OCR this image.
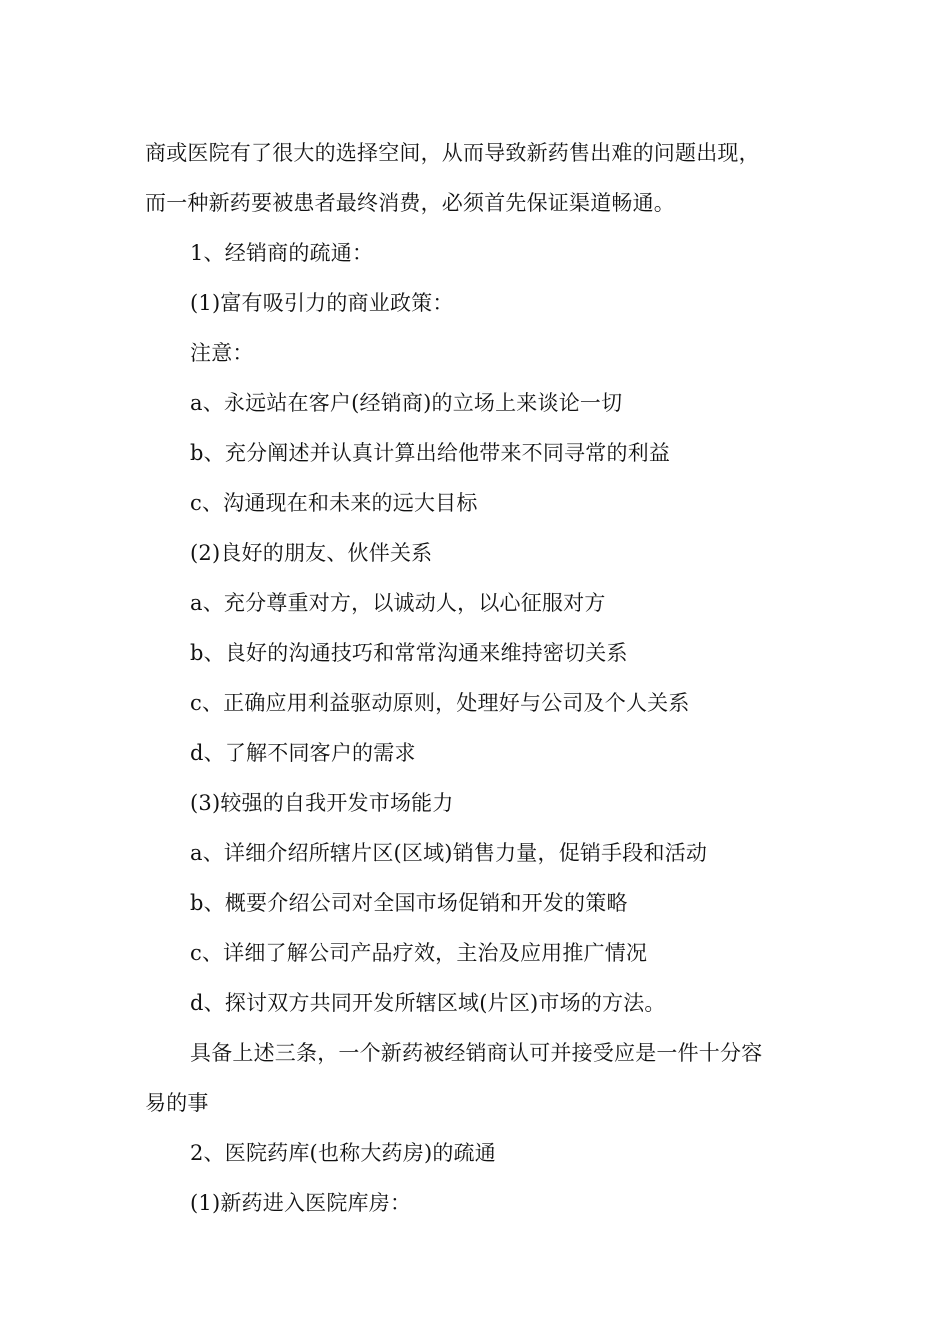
商或医院有了很大的选择空间，从而导致新药售出难的问题出现，
而一种新药要被患者最终消费，必须首先保证渠道畅通。
1、经销商的疏通：
(1)富有吸引力的商业政策：
注意：
a、永远站在客户(经销商)的立场上来谈论一切
b、充分阐述并认真计算出给他带来不同寻常的利益
c、沟通现在和未来的远大目标
(2)良好的朋友、伙伴关系
a、充分尊重对方，以诚动人，以心征服对方
b、良好的沟通技巧和常常沟通来维持密切关系
c、正确应用利益驱动原则，处理好与公司及个人关系
d、了解不同客户的需求
(3)较强的自我开发市场能力
a、详细介绍所辖片区(区域)销售力量，促销手段和活动
b、概要介绍公司对全国市场促销和开发的策略
c、详细了解公司产品疗效，主治及应用推广情况
d、探讨双方共同开发所辖区域(片区)市场的方法。
具备上述三条，一个新药被经销商认可并接受应是一件十分容
易的事
2、医院药库(也称大药房)的疏通
(1)新药进入医院库房：
